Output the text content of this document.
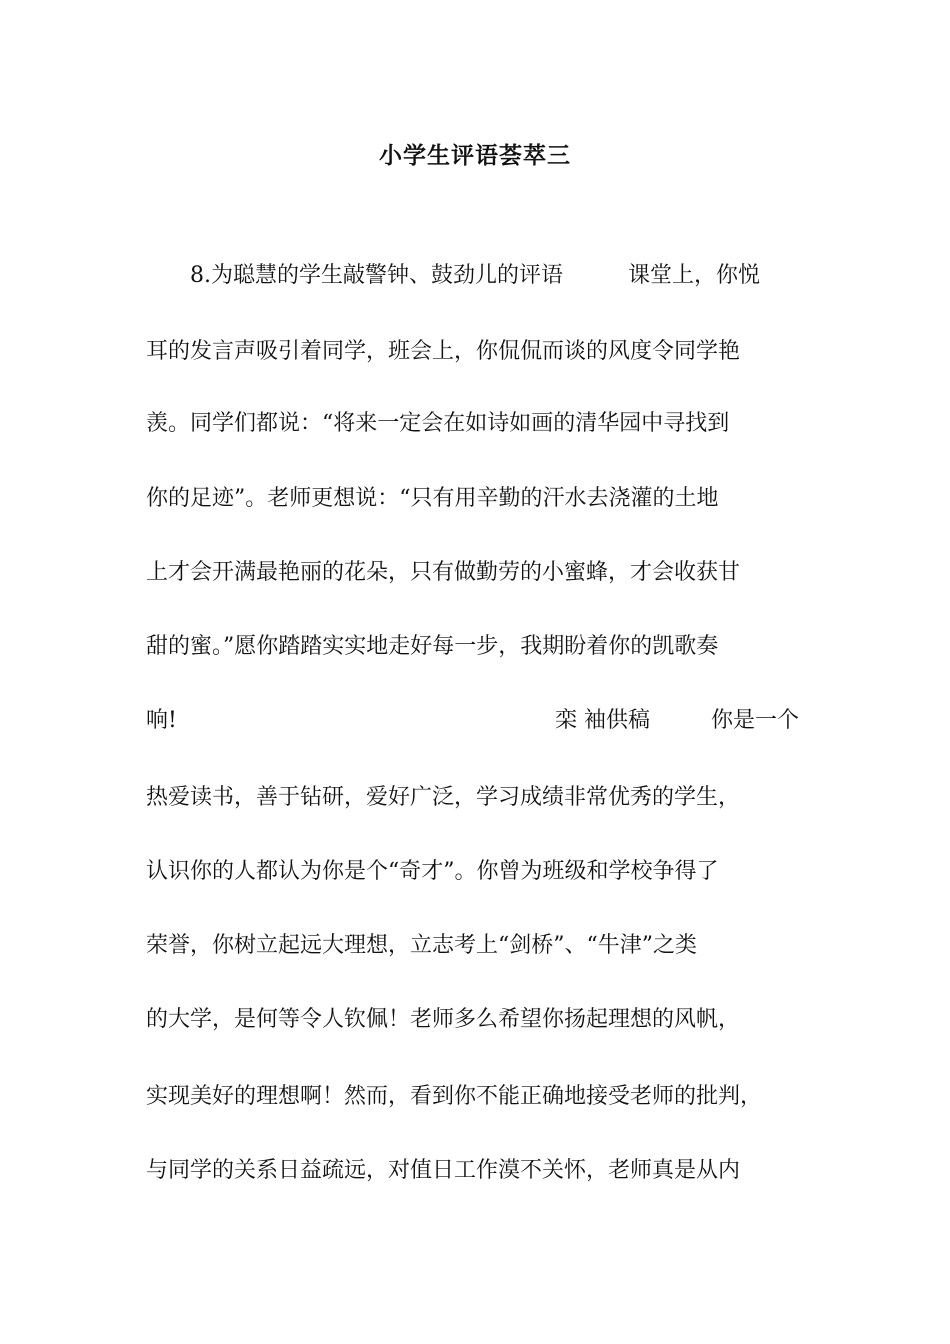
小学生评语荟萃三
8.为聪慧的学生敲警钟、鼓劲儿的评语	课堂上，你悦
耳的发言声吸引着同学，班会上，你侃侃而谈的风度令同学艳
羡。同学们都说：“将来一定会在如诗如画的清华园中寻找到
你的足迹”。老师更想说：“只有用辛勤的汗水去浇灌的土地
上才会开满最艳丽的花朵，只有做勤劳的小蜜蜂，才会收获甘
甜的蜜。”愿你踏踏实实地走好每一步，我期盼着你的凯歌奏
响!	栾 袖供稿	你是一个
热爱读书，善于钻研，爱好广泛，学习成绩非常优秀的学生，
认识你的人都认为你是个“奇才”。你曾为班级和学校争得了
荣誉，你树立起远大理想，立志考上“剑桥”、“牛津”之类
的大学，是何等令人钦佩！老师多么希望你扬起理想的风帆，
实现美好的理想啊！然而，看到你不能正确地接受老师的批判，
与同学的关系日益疏远，对值日工作漠不关怀，老师真是从内
